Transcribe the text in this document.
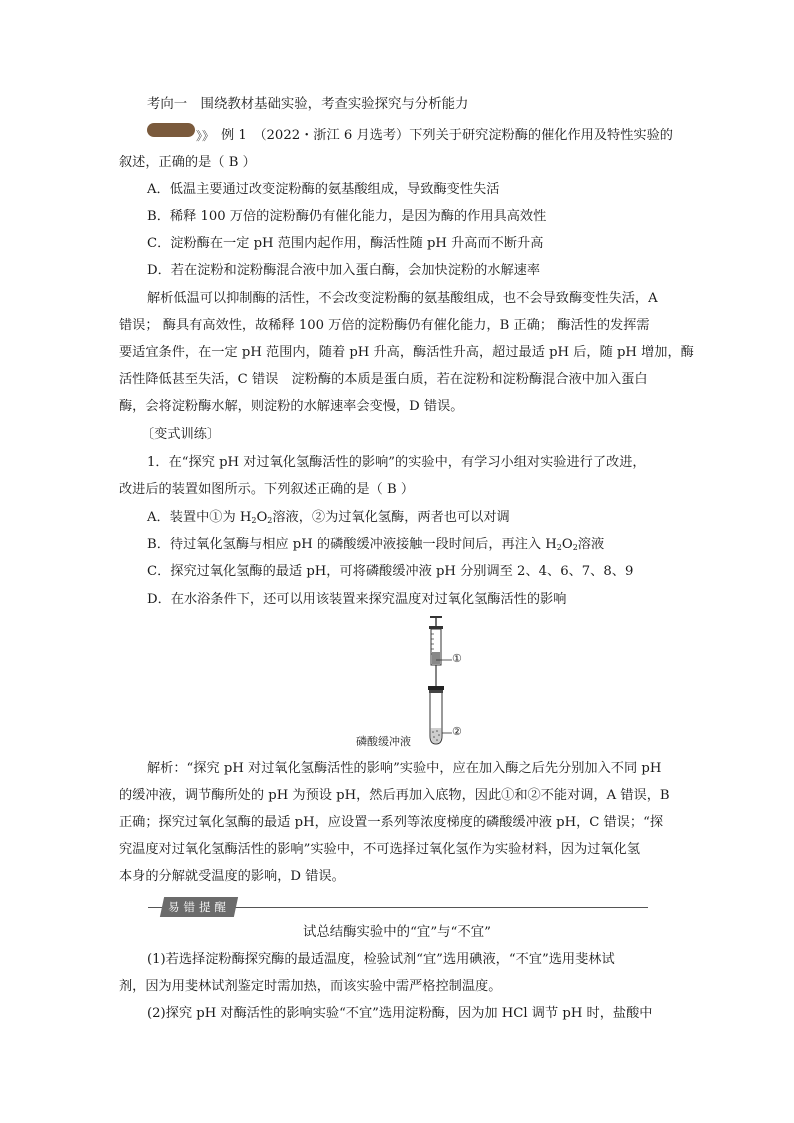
考向一　围绕教材基础实验，考查实验探究与分析能力
》》 例 1　（2022・浙江 6 月选考）下列关于研究淀粉酶的催化作用及特性实验的
叙述，正确的是（ B ）
A．低温主要通过改变淀粉酶的氨基酸组成，导致酶变性失活
B．稀释 100 万倍的淀粉酶仍有催化能力，是因为酶的作用具高效性
C．淀粉酶在一定 pH 范围内起作用，酶活性随 pH 升高而不断升高
D．若在淀粉和淀粉酶混合液中加入蛋白酶，会加快淀粉的水解速率
解析低温可以抑制酶的活性，不会改变淀粉酶的氨基酸组成，也不会导致酶变性失活，A
错误； 酶具有高效性，故稀释 100 万倍的淀粉酶仍有催化能力，B 正确； 酶活性的发挥需
要适宜条件，在一定 pH 范围内，随着 pH 升高，酶活性升高，超过最适 pH 后，随 pH 增加，酶
活性降低甚至失活，C 错误　淀粉酶的本质是蛋白质，若在淀粉和淀粉酶混合液中加入蛋白
酶，会将淀粉酶水解，则淀粉的水解速率会变慢，D 错误。
〔变式训练〕
1．在“探究 pH 对过氧化氢酶活性的影响”的实验中，有学习小组对实验进行了改进，
改进后的装置如图所示。下列叙述正确的是（ B ）
A．装置中①为 $H_2O_2$溶液，②为过氧化氢酶，两者也可以对调
B．待过氧化氢酶与相应 pH 的磷酸缓冲液接触一段时间后，再注入 $H_2O_2$溶液
C．探究过氧化氢酶的最适 pH，可将磷酸缓冲液 pH 分别调至 2、4、6、7、8、9
D．在水浴条件下，还可以用该装置来探究温度对过氧化氢酶活性的影响
①
②
磷酸缓冲液
解析：“探究 pH 对过氧化氢酶活性的影响”实验中，应在加入酶之后先分别加入不同 pH
的缓冲液，调节酶所处的 pH 为预设 pH，然后再加入底物，因此①和②不能对调，A 错误，B
正确；探究过氧化氢酶的最适 pH，应设置一系列等浓度梯度的磷酸缓冲液 pH，C 错误；“探
究温度对过氧化氢酶活性的影响”实验中，不可选择过氧化氢作为实验材料，因为过氧化氢
本身的分解就受温度的影响，D 错误。
易错提醒
试总结酶实验中的“宜”与“不宜”
(1)若选择淀粉酶探究酶的最适温度，检验试剂“宜”选用碘液，“不宜”选用斐林试
剂，因为用斐林试剂鉴定时需加热，而该实验中需严格控制温度。
(2)探究 pH 对酶活性的影响实验“不宜”选用淀粉酶，因为加 HCl 调节 pH 时，盐酸中
